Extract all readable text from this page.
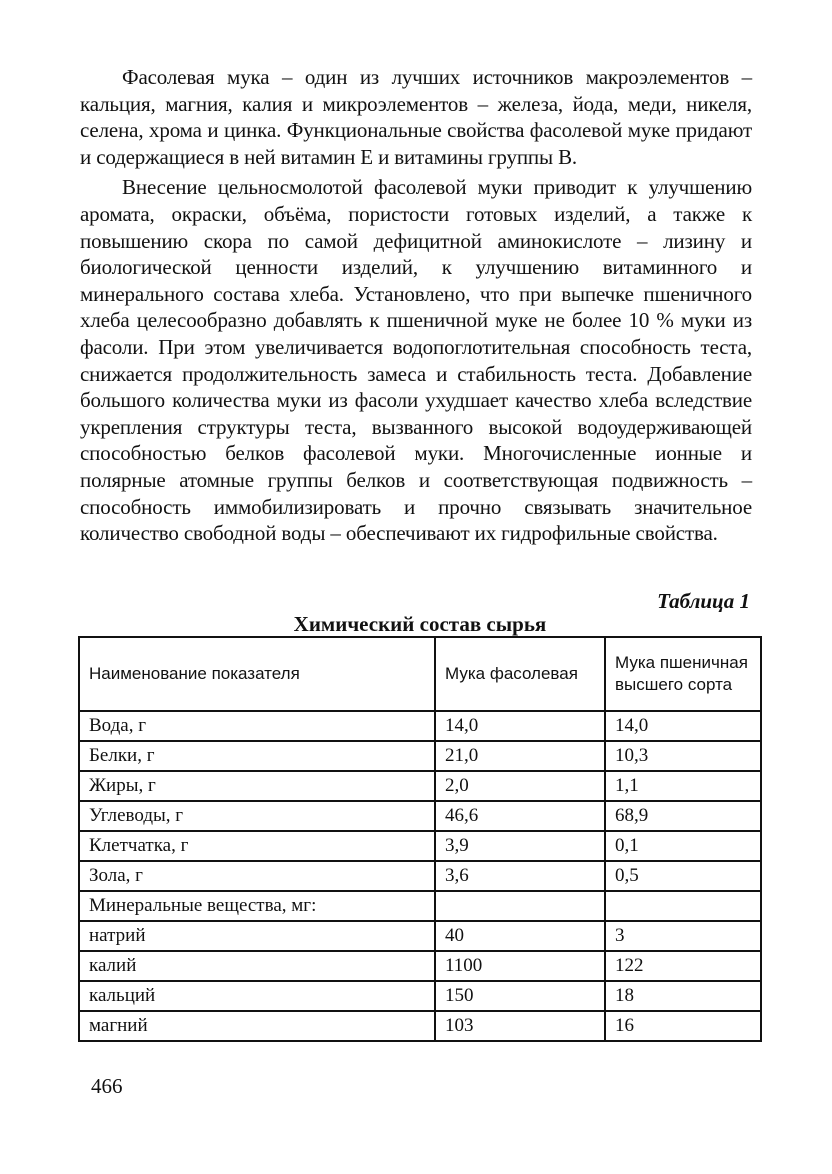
Фасолевая мука – один из лучших источников макроэлементов – кальция, магния, калия и микроэлементов – железа, йода, меди, никеля, селена, хрома и цинка. Функциональные свойства фасолевой муке придают и содержащиеся в ней витамин Е и витамины группы В.

Внесение цельносмолотой фасолевой муки приводит к улучшению аромата, окраски, объёма, пористости готовых изделий, а также к повышению скора по самой дефицитной аминокислоте – лизину и биологической ценности изделий, к улучшению витаминного и минерального состава хлеба. Установлено, что при выпечке пшеничного хлеба целесообразно добавлять к пшеничной муке не более 10 % муки из фасоли. При этом увеличивается водопоглотительная способность теста, снижается продолжительность замеса и стабильность теста. Добавление большого количества муки из фасоли ухудшает качество хлеба вследствие укрепления структуры теста, вызванного высокой водоудерживающей способностью белков фасолевой муки. Многочисленные ионные и полярные атомные группы белков и соответствующая подвижность – способность иммобилизировать и прочно связывать значительное количество свободной воды – обеспечивают их гидрофильные свойства.

Таблица 1
Химический состав сырья
Наименование показателя	Мука фасолевая	Мука пшеничная высшего сорта
Вода, г	14,0	14,0
Белки, г	21,0	10,3
Жиры, г	2,0	1,1
Углеводы, г	46,6	68,9
Клетчатка, г	3,9	0,1
Зола, г	3,6	0,5
Минеральные вещества, мг:		
натрий	40	3
калий	1100	122
кальций	150	18
магний	103	16
466
